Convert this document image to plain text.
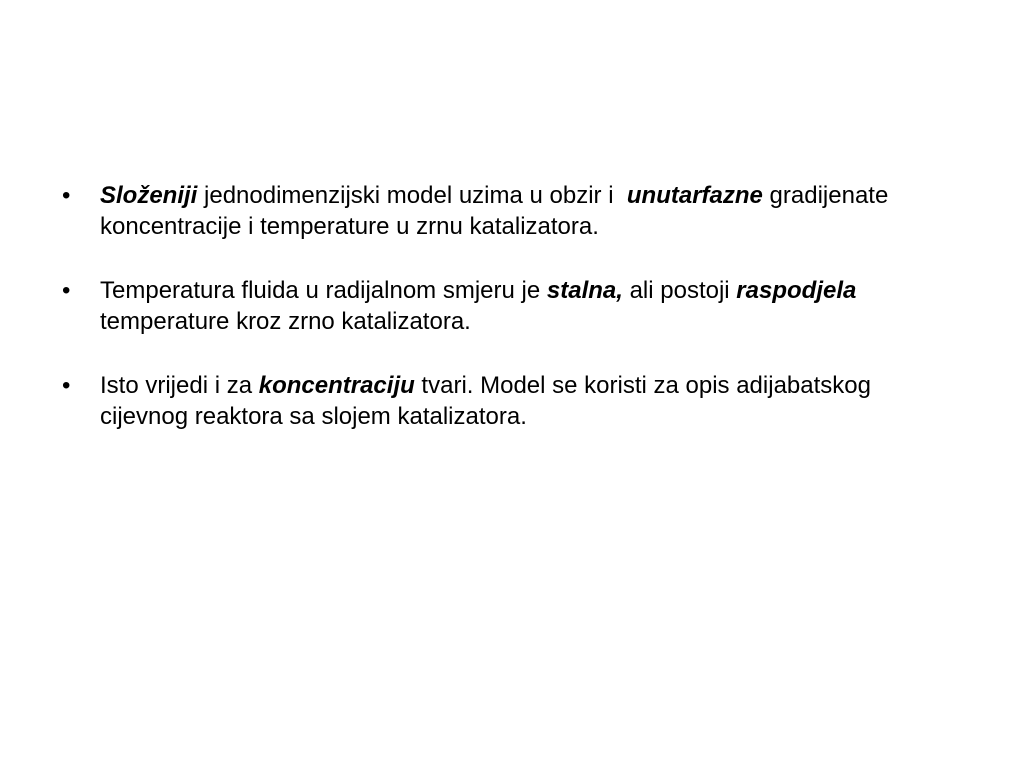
•	Složeniji jednodimenzijski model uzima u obzir i  unutarfazne gradijenate koncentracije i temperature u zrnu katalizatora.
•	Temperatura fluida u radijalnom smjeru je stalna, ali postoji raspodjela temperature kroz zrno katalizatora.
•	Isto vrijedi i za koncentraciju tvari. Model se koristi za opis adijabatskog cijevnog reaktora sa slojem katalizatora.
